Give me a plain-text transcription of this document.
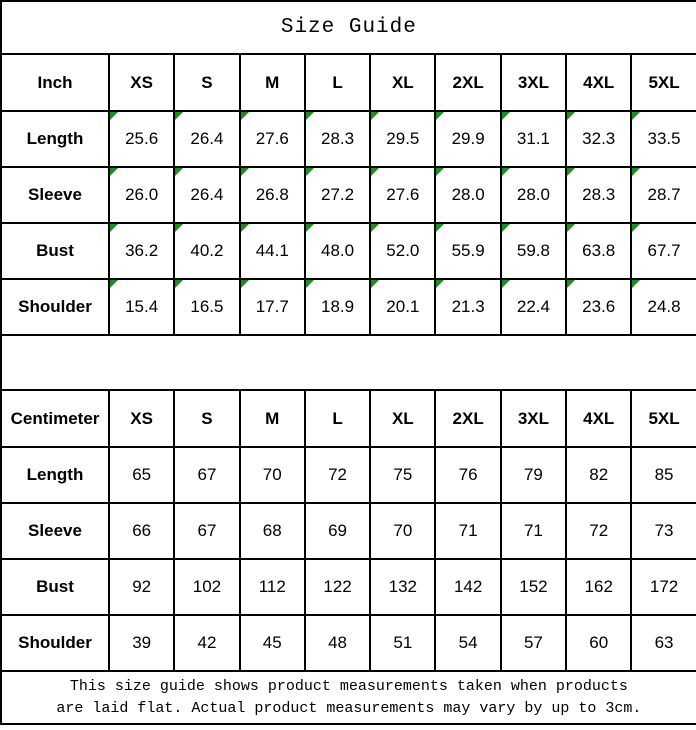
Size Guide									
Inch	XS	S	M	L	XL	2XL	3XL	4XL	5XL
Length	25.6	26.4	27.6	28.3	29.5	29.9	31.1	32.3	33.5

Sleeve	26.0	26.4	26.8	27.2	27.6	28.0	28.0	28.3	28.7

Bust	36.2	40.2	44.1	48.0	52.0	55.9	59.8	63.8	67.7

Shoulder	15.4	16.5	17.7	18.9	20.1	21.3	22.4	23.6	24.8

Centimeter	XS	S	M	L	XL	2XL	3XL	4XL	5XL
Length	65	67	70	72	75	76	79	82	85
Sleeve	66	67	68	69	70	71	71	72	73
Bust	92	102	112	122	132	142	152	162	172
Shoulder	39	42	45	48	51	54	57	60	63

This size guide shows product measurements taken when products
are laid flat. Actual product measurements may vary by up to 3cm.									
